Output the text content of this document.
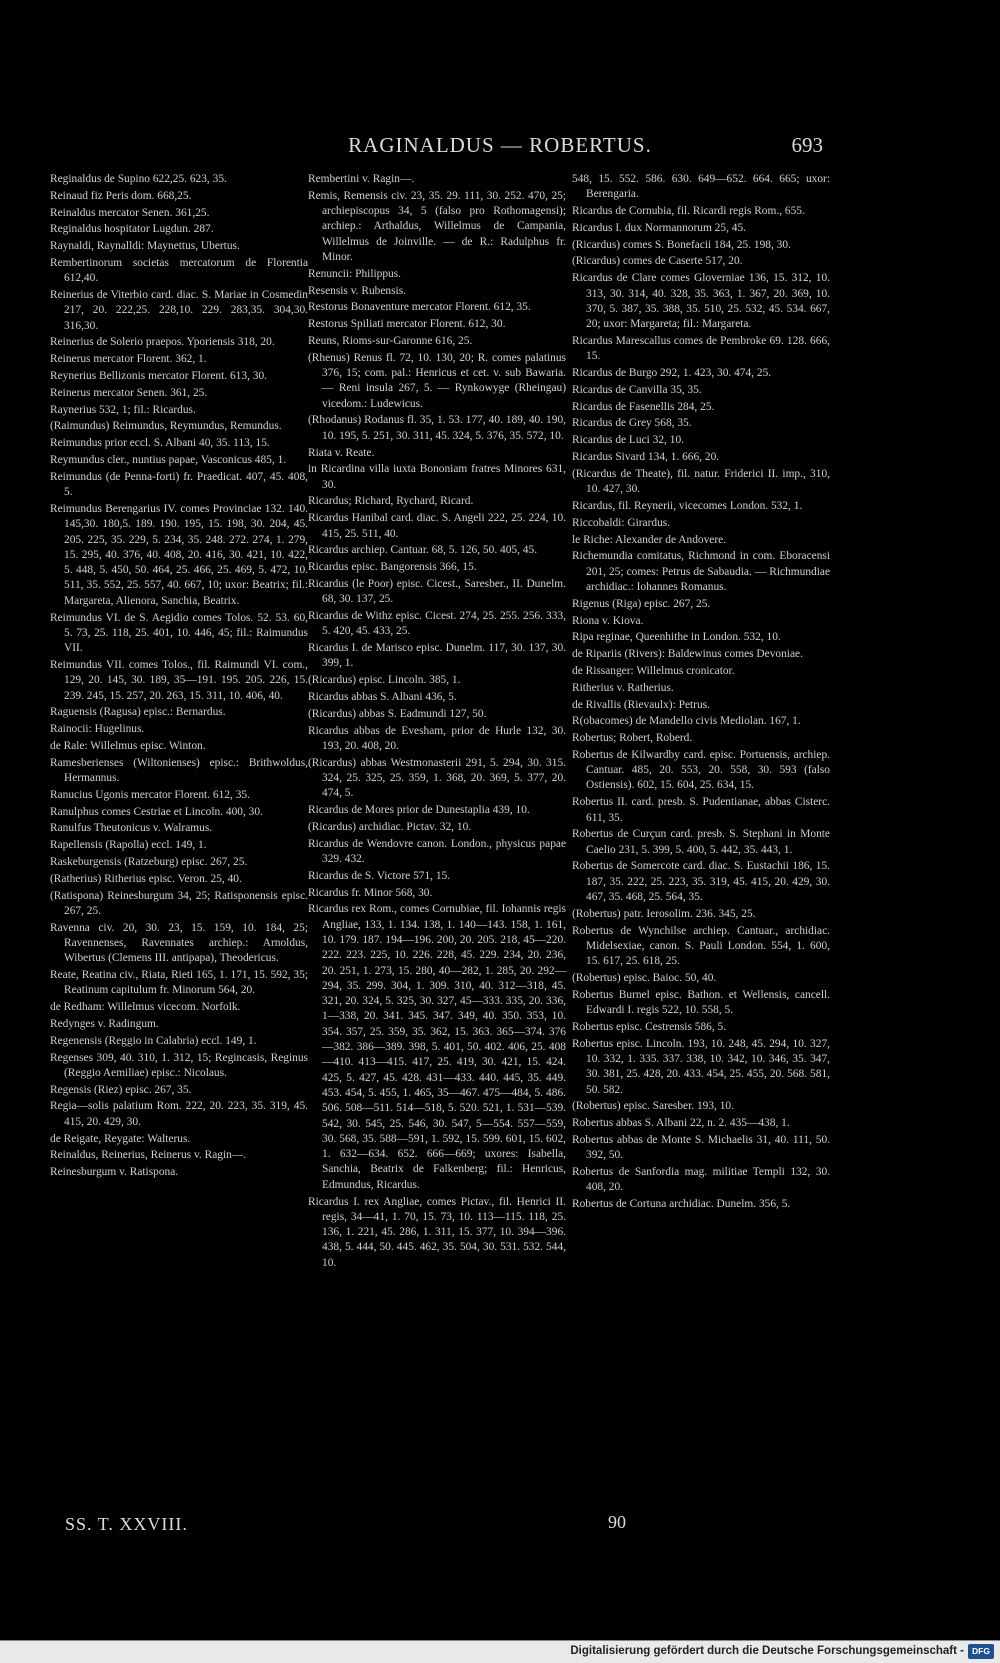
RAGINALDUS — ROBERTUS.	693
Reginaldus de Supino 622,25. 623, 35.
Reinaud fiz Peris dom. 668,25.
Reinaldus mercator Senen. 361,25.
Reginaldus hospitator Lugdun. 287.
Raynaldi, Raynalldi: Maynettus, Ubertus.
Rembertinorum societas mercatorum de Florentia 612,40.
Reinerius de Viterbio card. diac. S. Mariae in Cosmedin 217, 20. 222,25. 228,10. 229. 283,35. 304,30. 316,30.
Reinerius de Solerio praepos. Yporiensis 318, 20.
Reinerus mercator Florent. 362, 1.
Reynerius Bellizonis mercator Florent. 613, 30.
Reinerus mercator Senen. 361, 25.
Raynerius 532, 1; fil.: Ricardus.
(Raimundus) Reimundus, Reymundus, Remundus.
Reimundus prior eccl. S. Albani 40, 35. 113, 15.
Reymundus cler., nuntius papae, Vasconicus 485, 1.
Reimundus (de Penna-forti) fr. Praedicat. 407, 45. 408, 5.
Reimundus Berengarius IV. comes Provinciae 132. 140. 145,30. 180,5. 189. 190. 195, 15. 198, 30. 204, 45. 205. 225, 35. 229, 5. 234, 35. 248. 272. 274, 1. 279, 15. 295, 40. 376, 40. 408, 20. 416, 30. 421, 10. 422, 5. 448, 5. 450, 50. 464, 25. 466, 25. 469, 5. 472, 10. 511, 35. 552, 25. 557, 40. 667, 10; uxor: Beatrix; fil.: Margareta, Alienora, Sanchia, Beatrix.
Reimundus VI. de S. Aegidio comes Tolos. 52. 53. 60, 5. 73, 25. 118, 25. 401, 10. 446, 45; fil.: Raimundus VII.
Reimundus VII. comes Tolos., fil. Raimundi VI. com., 129, 20. 145, 30. 189, 35—191. 195. 205. 226, 15. 239. 245, 15. 257, 20. 263, 15. 311, 10. 406, 40.
Raguensis (Ragusa) episc.: Bernardus.
Rainocii: Hugelinus.
de Rale: Willelmus episc. Winton.
Ramesberienses (Wiltonienses) episc.: Brithwoldus, Hermannus.
Ranucius Ugonis mercator Florent. 612, 35.
Ranulphus comes Cestriae et Lincoln. 400, 30.
Ranulfus Theutonicus v. Walramus.
Rapellensis (Rapolla) eccl. 149, 1.
Raskeburgensis (Ratzeburg) episc. 267, 25.
(Ratherius) Ritherius episc. Veron. 25, 40.
(Ratispona) Reinesburgum 34, 25; Ratisponensis episc. 267, 25.
Ravenna civ. 20, 30. 23, 15. 159, 10. 184, 25; Ravennenses, Ravennates archiep.: Arnoldus, Wibertus (Clemens III. antipapa), Theodericus.
Reate, Reatina civ., Riata, Rieti 165, 1. 171, 15. 592, 35; Reatinum capitulum fr. Minorum 564, 20.
de Redham: Willelmus vicecom. Norfolk.
Redynges v. Radingum.
Regenensis (Reggio in Calabria) eccl. 149, 1.
Regenses 309, 40. 310, 1. 312, 15; Regincasis, Reginus (Reggio Aemiliae) episc.: Nicolaus.
Regensis (Riez) episc. 267, 35.
Regia—solis palatium Rom. 222, 20. 223, 35. 319, 45. 415, 20. 429, 30.
de Reigate, Reygate: Walterus.
Reinaldus, Reinerius, Reinerus v. Ragin—.
Reinesburgum v. Ratispona.
Rembertini v. Ragin—.
Remis, Remensis civ. 23, 35. 29. 111, 30. 252. 470, 25; archiepiscopus 34, 5 (falso pro Rothomagensi); archiep.: Arthaldus, Willelmus de Campania, Willelmus de Joinville. — de R.: Radulphus fr. Minor.
Renuncii: Philippus.
Resensis v. Rubensis.
Restorus Bonaventure mercator Florent. 612, 35.
Restorus Spiliati mercator Florent. 612, 30.
Reuns, Rioms-sur-Garonne 616, 25.
(Rhenus) Renus fl. 72, 10. 130, 20; R. comes palatinus 376, 15; com. pal.: Henricus et cet. v. sub Bawaria. — Reni insula 267, 5. — Rynkowyge (Rheingau) vicedom.: Ludewicus.
(Rhodanus) Rodanus fl. 35, 1. 53. 177, 40. 189, 40. 190, 10. 195, 5. 251, 30. 311, 45. 324, 5. 376, 35. 572, 10.
Riata v. Reate.
in Ricardina villa iuxta Bononiam fratres Minores 631, 30.
Ricardus; Richard, Rychard, Ricard.
Ricardus Hanibal card. diac. S. Angeli 222, 25. 224, 10. 415, 25. 511, 40.
Ricardus archiep. Cantuar. 68, 5. 126, 50. 405, 45.
Ricardus episc. Bangorensis 366, 15.
Ricardus (le Poor) episc. Cicest., Saresber., II. Dunelm. 68, 30. 137, 25.
Ricardus de Withz episc. Cicest. 274, 25. 255. 256. 333, 5. 420, 45. 433, 25.
Ricardus I. de Marisco episc. Dunelm. 117, 30. 137, 30. 399, 1.
(Ricardus) episc. Lincoln. 385, 1.
Ricardus abbas S. Albani 436, 5.
(Ricardus) abbas S. Eadmundi 127, 50.
Ricardus abbas de Evesham, prior de Hurle 132, 30. 193, 20. 408, 20.
(Ricardus) abbas Westmonasterii 291, 5. 294, 30. 315. 324, 25. 325, 25. 359, 1. 368, 20. 369, 5. 377, 20. 474, 5.
Ricardus de Mores prior de Dunestaplia 439, 10.
(Ricardus) archidiac. Pictav. 32, 10.
Ricardus de Wendovre canon. London., physicus papae 329. 432.
Ricardus de S. Victore 571, 15.
Ricardus fr. Minor 568, 30.
Ricardus rex Rom., comes Cornubiae, fil. Iohannis regis Angliae, 133, 1. 134. 138, 1. 140—143. 158, 1. 161, 10. 179. 187. 194—196. 200, 20. 205. 218, 45—220. 222. 223. 225, 10. 226. 228, 45. 229. 234, 20. 236, 20. 251, 1. 273, 15. 280, 40—282, 1. 285, 20. 292—294, 35. 299. 304, 1. 309. 310, 40. 312—318, 45. 321, 20. 324, 5. 325, 30. 327, 45—333. 335, 20. 336, 1—338, 20. 341. 345. 347. 349, 40. 350. 353, 10. 354. 357, 25. 359, 35. 362, 15. 363. 365—374. 376—382. 386—389. 398, 5. 401, 50. 402. 406, 25. 408—410. 413—415. 417, 25. 419, 30. 421, 15. 424. 425, 5. 427, 45. 428. 431—433. 440. 445, 35. 449. 453. 454, 5. 455, 1. 465, 35—467. 475—484, 5. 486. 506. 508—511. 514—518, 5. 520. 521, 1. 531—539. 542, 30. 545, 25. 546, 30. 547, 5—554. 557—559, 30. 568, 35. 588—591, 1. 592, 15. 599. 601, 15. 602, 1. 632—634. 652. 666—669; uxores: Isabella, Sanchia, Beatrix de Falkenberg; fil.: Henricus, Edmundus, Ricardus.
Ricardus I. rex Angliae, comes Pictav., fil. Henrici II. regis, 34—41, 1. 70, 15. 73, 10. 113—115. 118, 25. 136, 1. 221, 45. 286, 1. 311, 15. 377, 10. 394—396. 438, 5. 444, 50. 445. 462, 35. 504, 30. 531. 532. 544, 10.
548, 15. 552. 586. 630. 649—652. 664. 665; uxor: Berengaria.
Ricardus de Cornubia, fil. Ricardi regis Rom., 655.
Ricardus I. dux Normannorum 25, 45.
(Ricardus) comes S. Bonefacii 184, 25. 198, 30.
(Ricardus) comes de Caserte 517, 20.
Ricardus de Clare comes Gloverniae 136, 15. 312, 10. 313, 30. 314, 40. 328, 35. 363, 1. 367, 20. 369, 10. 370, 5. 387, 35. 388, 35. 510, 25. 532, 45. 534. 667, 20; uxor: Margareta; fil.: Margareta.
Ricardus Marescallus comes de Pembroke 69. 128. 666, 15.
Ricardus de Burgo 292, 1. 423, 30. 474, 25.
Ricardus de Canvilla 35, 35.
Ricardus de Fasenellis 284, 25.
Ricardus de Grey 568, 35.
Ricardus de Luci 32, 10.
Ricardus Sivard 134, 1. 666, 20.
(Ricardus de Theate), fil. natur. Friderici II. imp., 310, 10. 427, 30.
Ricardus, fil. Reynerii, vicecomes London. 532, 1.
Riccobaldi: Girardus.
le Riche: Alexander de Andovere.
Richemundia comitatus, Richmond in com. Eboracensi 201, 25; comes: Petrus de Sabaudia. — Richmundiae archidiac.: Iohannes Romanus.
Rigenus (Riga) episc. 267, 25.
Riona v. Kiova.
Ripa reginae, Queenhithe in London. 532, 10.
de Ripariis (Rivers): Baldewinus comes Devoniae.
de Rissanger: Willelmus cronicator.
Ritherius v. Ratherius.
de Rivallis (Rievaulx): Petrus.
R(obacomes) de Mandello civis Mediolan. 167, 1.
Robertus; Robert, Roberd.
Robertus de Kilwardby card. episc. Portuensis, archiep. Cantuar. 485, 20. 553, 20. 558, 30. 593 (falso Ostiensis). 602, 15. 604, 25. 634, 15.
Robertus II. card. presb. S. Pudentianae, abbas Cisterc. 611, 35.
Robertus de Curçun card. presb. S. Stephani in Monte Caelio 231, 5. 399, 5. 400, 5. 442, 35. 443, 1.
Robertus de Somercote card. diac. S. Eustachii 186, 15. 187, 35. 222, 25. 223, 35. 319, 45. 415, 20. 429, 30. 467, 35. 468, 25. 564, 35.
(Robertus) patr. Ierosolim. 236. 345, 25.
Robertus de Wynchilse archiep. Cantuar., archidiac. Midelsexiae, canon. S. Pauli London. 554, 1. 600, 15. 617, 25. 618, 25.
(Robertus) episc. Baioc. 50, 40.
Robertus Burnel episc. Bathon. et Wellensis, cancell. Edwardi I. regis 522, 10. 558, 5.
Robertus episc. Cestrensis 586, 5.
Robertus episc. Lincoln. 193, 10. 248, 45. 294, 10. 327, 10. 332, 1. 335. 337. 338, 10. 342, 10. 346, 35. 347, 30. 381, 25. 428, 20. 433. 454, 25. 455, 20. 568. 581, 50. 582.
(Robertus) episc. Saresber. 193, 10.
Robertus abbas S. Albani 22, n. 2. 435—438, 1.
Robertus abbas de Monte S. Michaelis 31, 40. 111, 50. 392, 50.
Robertus de Sanfordia mag. militiae Templi 132, 30. 408, 20.
Robertus de Cortuna archidiac. Dunelm. 356, 5.
SS. T. XXVIII.	90
Digitalisierung gefördert durch die Deutsche Forschungsgemeinschaft - DFG
